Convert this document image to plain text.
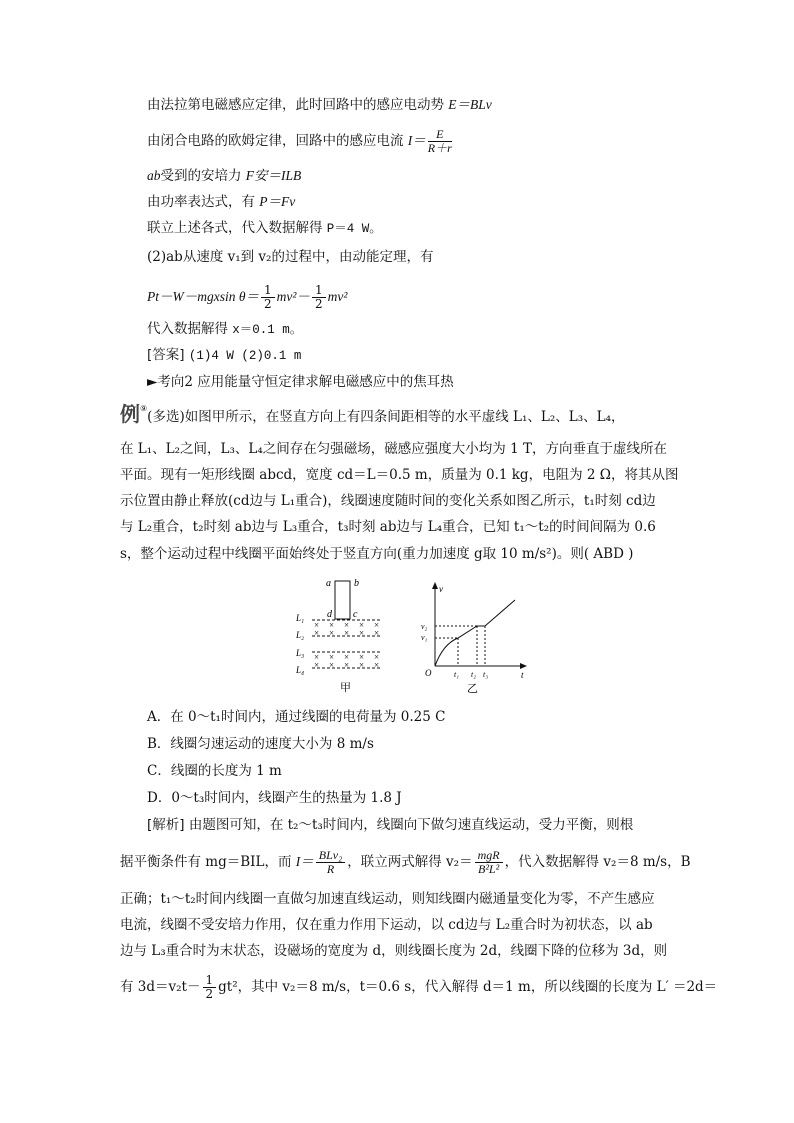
由法拉第电磁感应定律，此时回路中的感应电动势 E＝BLv
由闭合电路的欧姆定律，回路中的感应电流 $I= \frac{E}{R+r}$
ab受到的安培力 F安＝ILB
由功率表达式，有 P＝Fv
联立上述各式，代入数据解得 P＝4 W。
(2)ab从速度 v₁到 v₂的过程中，由动能定理，有
Pt－W－mgxsin $\theta= \frac{1}{2} mv^2- \frac{1}{2} mv^2$
代入数据解得 x＝0.1 m。
[答案] (1)4 W (2)0.1 m
►考向2 应用能量守恒定律求解电磁感应中的焦耳热
例⑨(多选)如图甲所示，在竖直方向上有四条间距相等的水平虚线 L₁、L₂、L₃、L₄，
在 L₁、L₂之间，L₃、L₄之间存在匀强磁场，磁感应强度大小均为 1 T，方向垂直于虚线所在
平面。现有一矩形线圈 abcd，宽度 cd＝L＝0.5 m，质量为 0.1 kg，电阻为 2 Ω，将其从图
示位置由静止释放(cd边与 L₁重合)，线圈速度随时间的变化关系如图乙所示，t₁时刻 cd边
与 L₂重合，t₂时刻 ab边与 L₃重合，t₃时刻 ab边与 L₄重合，已知 t₁～t₂的时间间隔为 0.6
s，整个运动过程中线圈平面始终处于竖直方向(重力加速度 g取 10 m/s²)。则( ABD )
a b
d c
L₁
L₂
L₃
L₄
× × × × ×
× × × × ×
× × × × ×
× × × × ×
甲
v
t
O
v₂
v₁
t₁ t₂ t₃
乙
A．在 0～t₁时间内，通过线圈的电荷量为 0.25 C
B．线圈匀速运动的速度大小为 8 m/s
C．线圈的长度为 1 m
D．0～t₃时间内，线圈产生的热量为 1.8 J
[解析] 由题图可知，在 t₂～t₃时间内，线圈向下做匀速直线运动，受力平衡，则根
据平衡条件有 mg＝BIL，而 $I= \frac{\text{BLv₂}}{R}$ ，联立两式解得 $v_2= \frac{\text{mgR}}{\text{B²L²}}$ ，代入数据解得 v₂＝8 m/s，B
正确；t₁～t₂时间内线圈一直做匀加速直线运动，则知线圈内磁通量变化为零，不产生感应
电流，线圈不受安培力作用，仅在重力作用下运动，以 cd边与 L₂重合时为初状态，以 ab
边与 L₃重合时为末状态，设磁场的宽度为 d，则线圈长度为 2d，线圈下降的位移为 3d，则
有 $3d=v_2t- \frac{1}{2} gt^2$，其中 v₂＝8 m/s，t＝0.6 s，代入解得 d＝1 m，所以线圈的长度为 L′ ＝2d＝
